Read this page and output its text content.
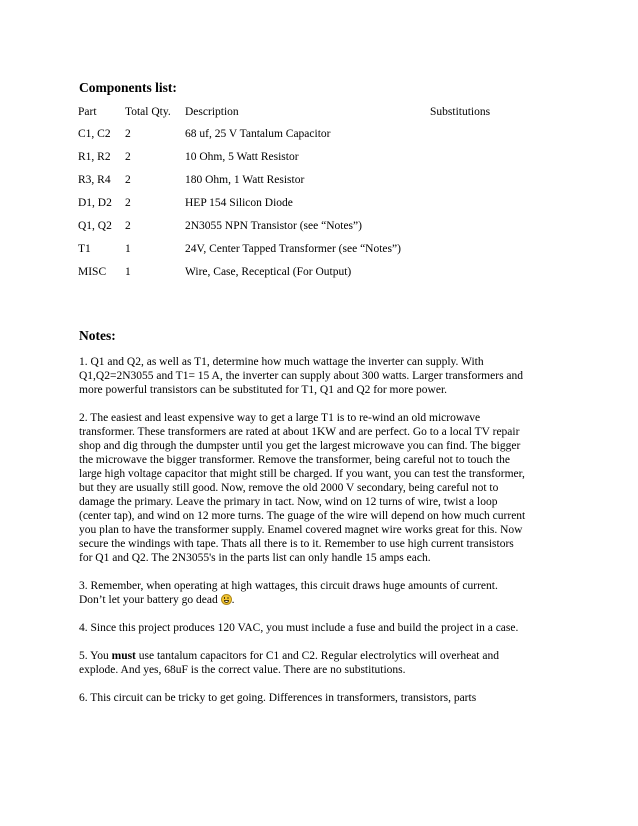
Components list:
Part	Total Qty.	Description	Substitutions
C1, C2	2	68 uf, 25 V Tantalum Capacitor	
R1, R2	2	10 Ohm, 5 Watt Resistor	
R3, R4	2	180 Ohm, 1 Watt Resistor	
D1, D2	2	HEP 154 Silicon Diode	
Q1, Q2	2	2N3055 NPN Transistor (see “Notes”)	
T1	1	24V, Center Tapped Transformer (see “Notes”)	
MISC	1	Wire, Case, Receptical (For Output)	
Notes:

1. Q1 and Q2, as well as T1, determine how much wattage the inverter can supply. With
Q1,Q2=2N3055 and T1= 15 A, the inverter can supply about 300 watts. Larger transformers and
more powerful transistors can be substituted for T1, Q1 and Q2 for more power.

2. The easiest and least expensive way to get a large T1 is to re-wind an old microwave
transformer. These transformers are rated at about 1KW and are perfect. Go to a local TV repair
shop and dig through the dumpster until you get the largest microwave you can find. The bigger
the microwave the bigger transformer. Remove the transformer, being careful not to touch the
large high voltage capacitor that might still be charged. If you want, you can test the transformer,
but they are usually still good. Now, remove the old 2000 V secondary, being careful not to
damage the primary. Leave the primary in tact. Now, wind on 12 turns of wire, twist a loop
(center tap), and wind on 12 more turns. The guage of the wire will depend on how much current
you plan to have the transformer supply. Enamel covered magnet wire works great for this. Now
secure the windings with tape. Thats all there is to it. Remember to use high current transistors
for Q1 and Q2. The 2N3055's in the parts list can only handle 15 amps each.

3. Remember, when operating at high wattages, this circuit draws huge amounts of current.
Don’t let your battery go dead .

4. Since this project produces 120 VAC, you must include a fuse and build the project in a case.

5. You must use tantalum capacitors for C1 and C2. Regular electrolytics will overheat and
explode. And yes, 68uF is the correct value. There are no substitutions.

6. This circuit can be tricky to get going. Differences in transformers, transistors, parts
